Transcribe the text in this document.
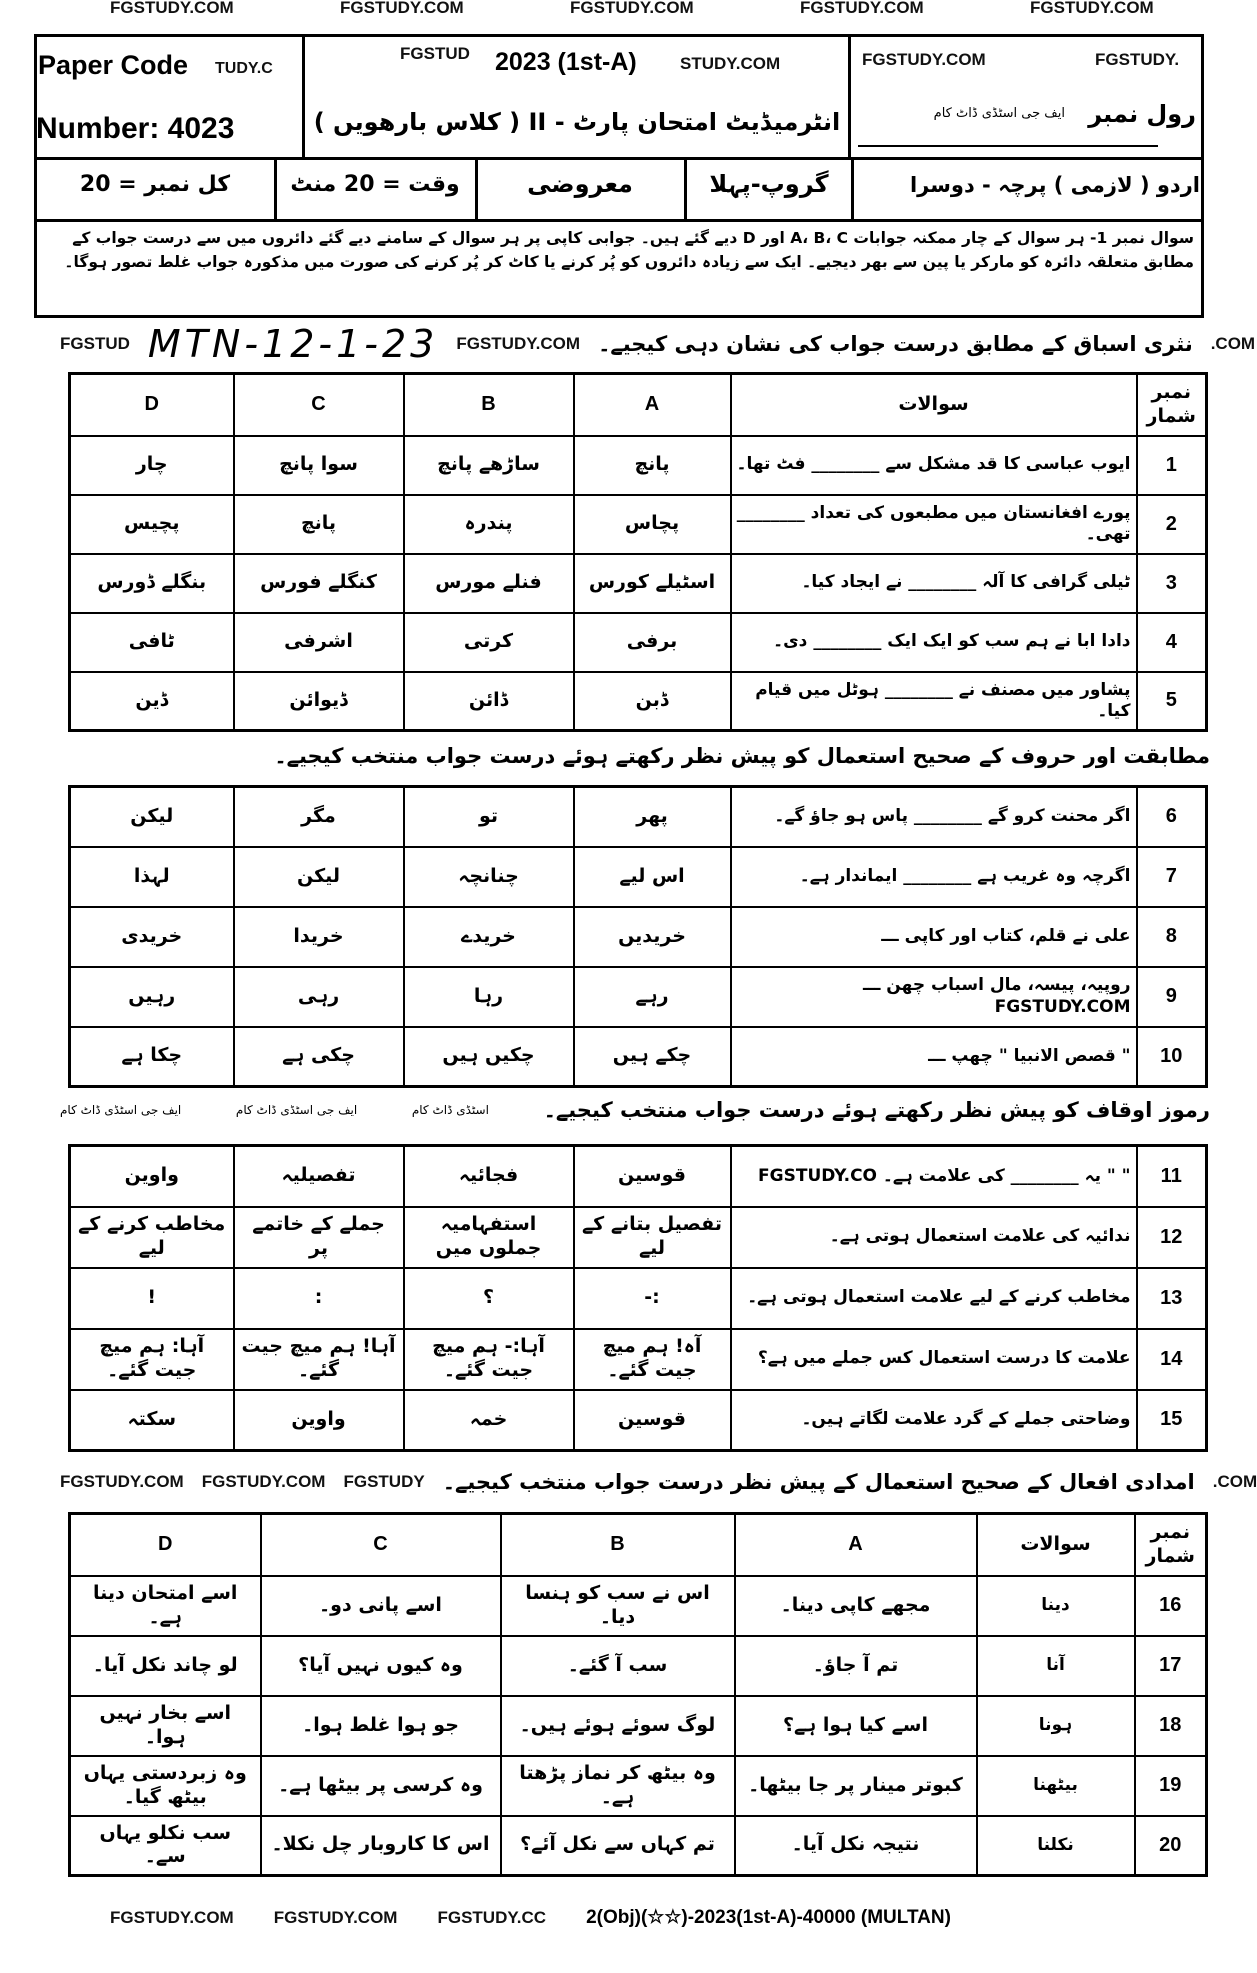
FGSTUDY.COM	FGSTUDY.COM	FGSTUDY.COM	FGSTUDY.COM	FGSTUDY.COM
Paper Code TUDY.C
Number: 4023
FGSTUD 2023 (1st-A)	STUDY.COM
انٹرمیڈیٹ امتحان پارٹ - II ( کلاس بارھویں )
FGSTUDY.COM	FGSTUDY.
رول نمبر
ایف جی اسٹڈی ڈاٹ کام
کل نمبر = 20	وقت = 20 منٹ	معروضی	گروپ-پہلا	اردو ( لازمی ) پرچہ - دوسرا
سوال نمبر 1- ہر سوال کے چار ممکنہ جوابات A، B، C اور D دیے گئے ہیں۔ جوابی کاپی پر ہر سوال کے سامنے دیے گئے دائروں میں سے درست جواب کے مطابق متعلقہ دائرہ کو مارکر یا پین سے بھر دیجیے۔ ایک سے زیادہ دائروں کو پُر کرنے یا کاٹ کر پُر کرنے کی صورت میں مذکورہ جواب غلط تصور ہوگا۔
FGSTUD MTN-12-1-23 FGSTUDY.COM نثری اسباق کے مطابق درست جواب کی نشان دہی کیجیے۔ .COM
D	C	B	A	سوالات	نمبر شمار
چار	سوا پانچ	ساڑھے پانچ	پانچ	ایوب عباسی کا قد مشکل سے ________ فٹ تھا۔	1
پچیس	پانچ	پندرہ	پچاس	پورے افغانستان میں مطبعوں کی تعداد ________ تھی۔	2
بنگلے ڈورس	کنگلے فورس	فنلے مورس	اسٹیلے کورس	ٹیلی گرافی کا آلہ ________ نے ایجاد کیا۔	3
ٹافی	اشرفی	کرتی	برفی	دادا ابا نے ہم سب کو ایک ایک ________ دی۔	4
ڈین	ڈیوائن	ڈائن	ڈبن	پشاور میں مصنف نے ________ ہوٹل میں قیام کیا۔	5
مطابقت اور حروف کے صحیح استعمال کو پیش نظر رکھتے ہوئے درست جواب منتخب کیجیے۔
لیکن	مگر	تو	پھر	اگر محنت کرو گے ________ پاس ہو جاؤ گے۔	6
لہذا	لیکن	چنانچہ	اس لیے	اگرچہ وہ غریب ہے ________ ایماندار ہے۔	7
خریدی	خریدا	خریدے	خریدیں	علی نے قلم، کتاب اور کاپی ـــ	8
رہیں	رہی	رہا	رہے	روپیہ، پیسہ، مال اسباب چھن ـــ FGSTUDY.COM	9
چکا ہے	چکی ہے	چکیں ہیں	چکے ہیں	" قصص الانبیا " چھپ ـــ	10
ایف جی اسٹڈی ڈاٹ کام	ایف جی اسٹڈی ڈاٹ کام	اسٹڈی ڈاٹ کام	رموز اوقاف کو پیش نظر رکھتے ہوئے درست جواب منتخب کیجیے۔
واوین	تفصیلیہ	فجائیہ	قوسین	" " یہ ________ کی علامت ہے۔ FGSTUDY.CO	11
مخاطب کرنے کے لیے	جملے کے خاتمے پر	استفہامیہ جملوں میں	تفصیل بتانے کے لیے	ندائیہ کی علامت استعمال ہوتی ہے۔	12
!	:	؟	:-	مخاطب کرنے کے لیے علامت استعمال ہوتی ہے۔	13
آہا: ہم میچ جیت گئے۔	آہا! ہم میچ جیت گئے۔	آہا:- ہم میچ جیت گئے۔	آہ! ہم میچ جیت گئے۔	علامت کا درست استعمال کس جملے میں ہے؟	14
سکتہ	واوین	خمہ	قوسین	وضاحتی جملے کے گرد علامت لگاتے ہیں۔	15
FGSTUDY.COM FGSTUDY.COM FGSTUDY امدادی افعال کے صحیح استعمال کے پیش نظر درست جواب منتخب کیجیے۔ .COM
D	C	B	A	سوالات	نمبر شمار
اسے امتحان دینا ہے۔	اسے پانی دو۔	اس نے سب کو ہنسا دیا۔	مجھے کاپی دینا۔	دینا	16
لو چاند نکل آیا۔	وہ کیوں نہیں آیا؟	سب آ گئے۔	تم آ جاؤ۔	آنا	17
اسے بخار نہیں ہوا۔	جو ہوا غلط ہوا۔	لوگ سوئے ہوئے ہیں۔	اسے کیا ہوا ہے؟	ہونا	18
وہ زبردستی یہاں بیٹھ گیا۔	وہ کرسی پر بیٹھا ہے۔	وہ بیٹھ کر نماز پڑھتا ہے۔	کبوتر مینار پر جا بیٹھا۔	بیٹھنا	19
سب نکلو یہاں سے۔	اس کا کاروبار چل نکلا۔	تم کہاں سے نکل آئے؟	نتیجہ نکل آیا۔	نکلنا	20
FGSTUDY.COM FGSTUDY.COM FGSTUDY.CC 2(Obj)(☆☆)-2023(1st-A)-40000 (MULTAN)
